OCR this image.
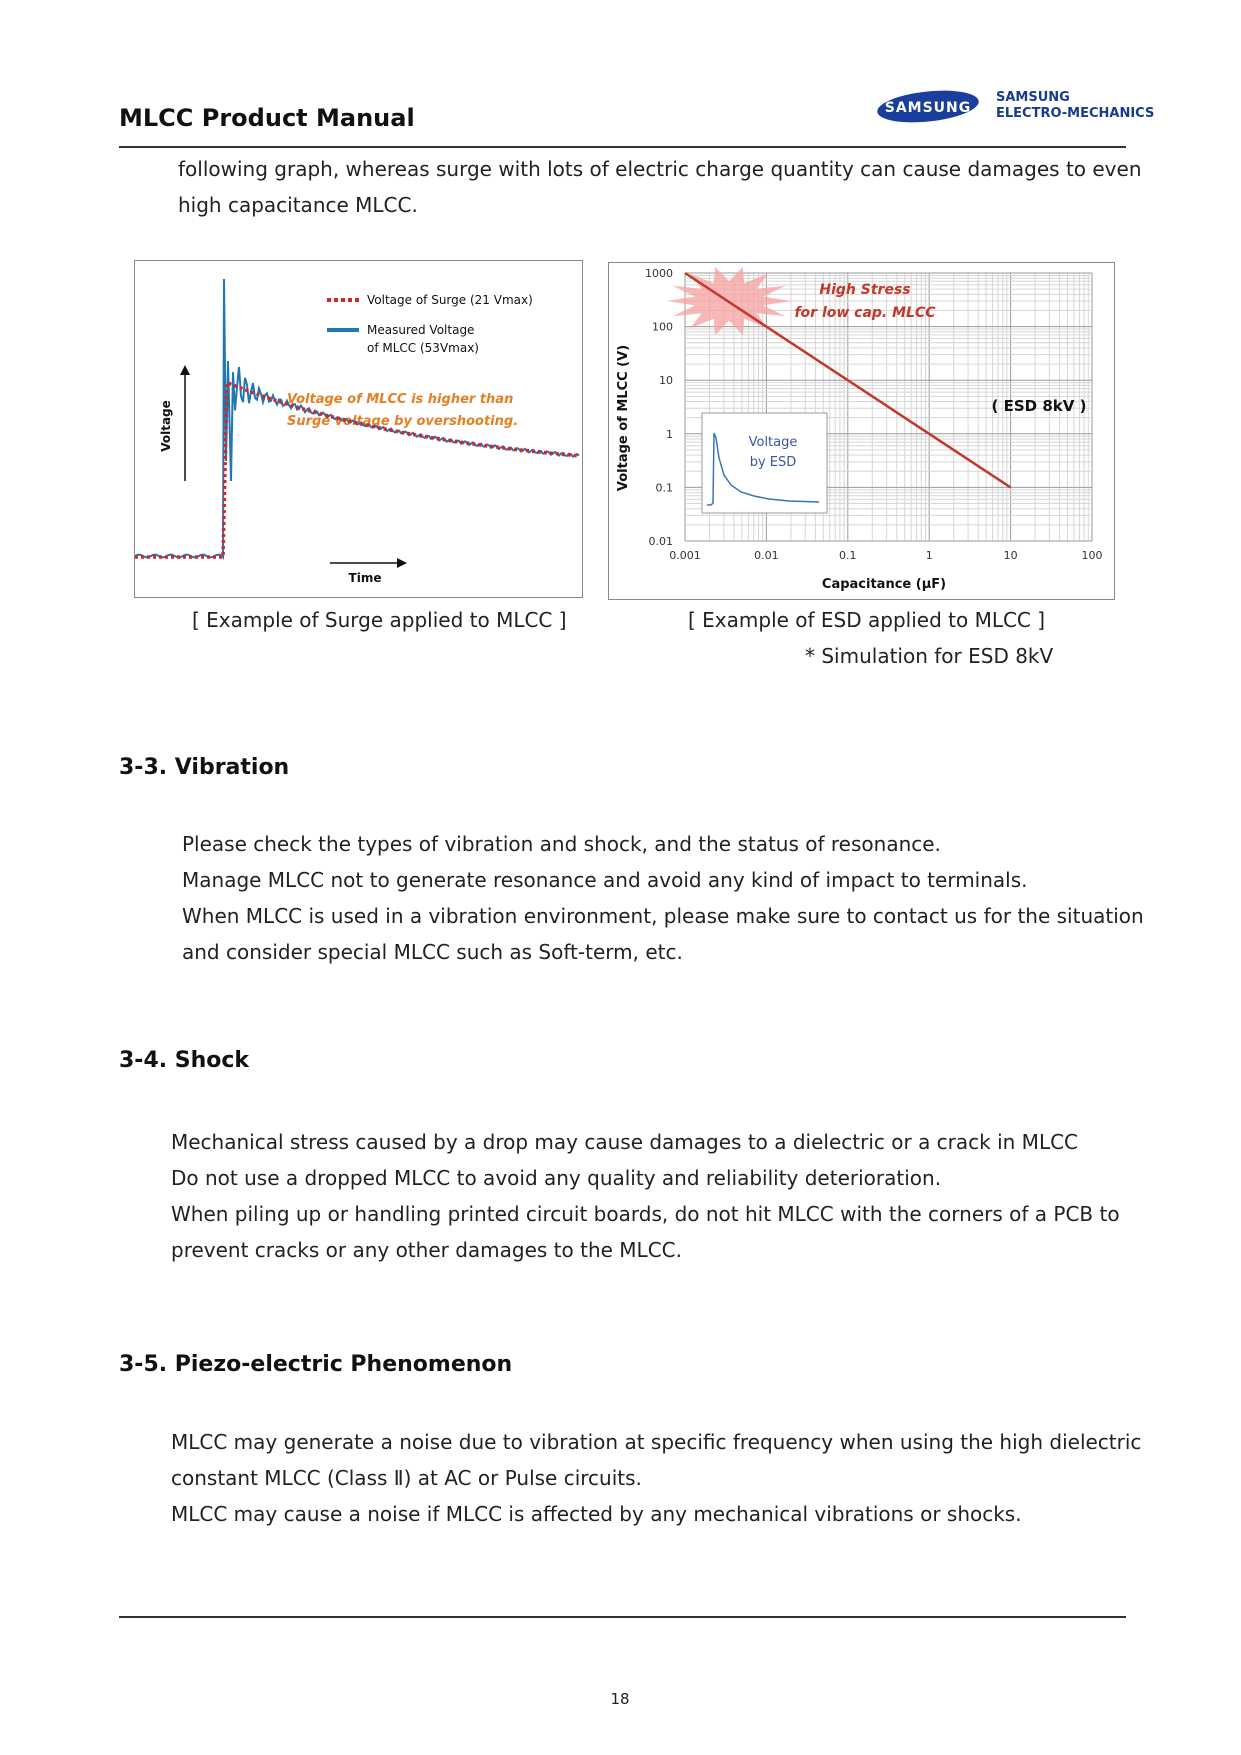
MLCC Product Manual	SAMSUNG
SAMSUNG
ELECTRO-MECHANICS
following graph, whereas surge with lots of electric charge quantity can cause damages to even
high capacitance MLCC.
Voltage
Time
Voltage of Surge (21 Vmax)
Measured Voltage
of MLCC (53Vmax)
Voltage of MLCC is higher than
Surge voltage by overshooting.
0.001	0.01	0.1	1	10	100
1000
100
10
1
0.1
0.01
Voltage
by ESD
High Stress
for low cap. MLCC
( ESD 8kV )
Voltage of MLCC (V)
Capacitance (µF)
[ Example of Surge applied to MLCC ]	[ Example of ESD applied to MLCC ]
* Simulation for ESD 8kV
3-3. Vibration
Please check the types of vibration and shock, and the status of resonance.
Manage MLCC not to generate resonance and avoid any kind of impact to terminals.
When MLCC is used in a vibration environment, please make sure to contact us for the situation
and consider special MLCC such as Soft-term, etc.
3-4. Shock
Mechanical stress caused by a drop may cause damages to a dielectric or a crack in MLCC
Do not use a dropped MLCC to avoid any quality and reliability deterioration.
When piling up or handling printed circuit boards, do not hit MLCC with the corners of a PCB to
prevent cracks or any other damages to the MLCC.
3-5. Piezo-electric Phenomenon
MLCC may generate a noise due to vibration at specific frequency when using the high dielectric
constant MLCC (Class Ⅱ) at AC or Pulse circuits.
MLCC may cause a noise if MLCC is affected by any mechanical vibrations or shocks.
18
